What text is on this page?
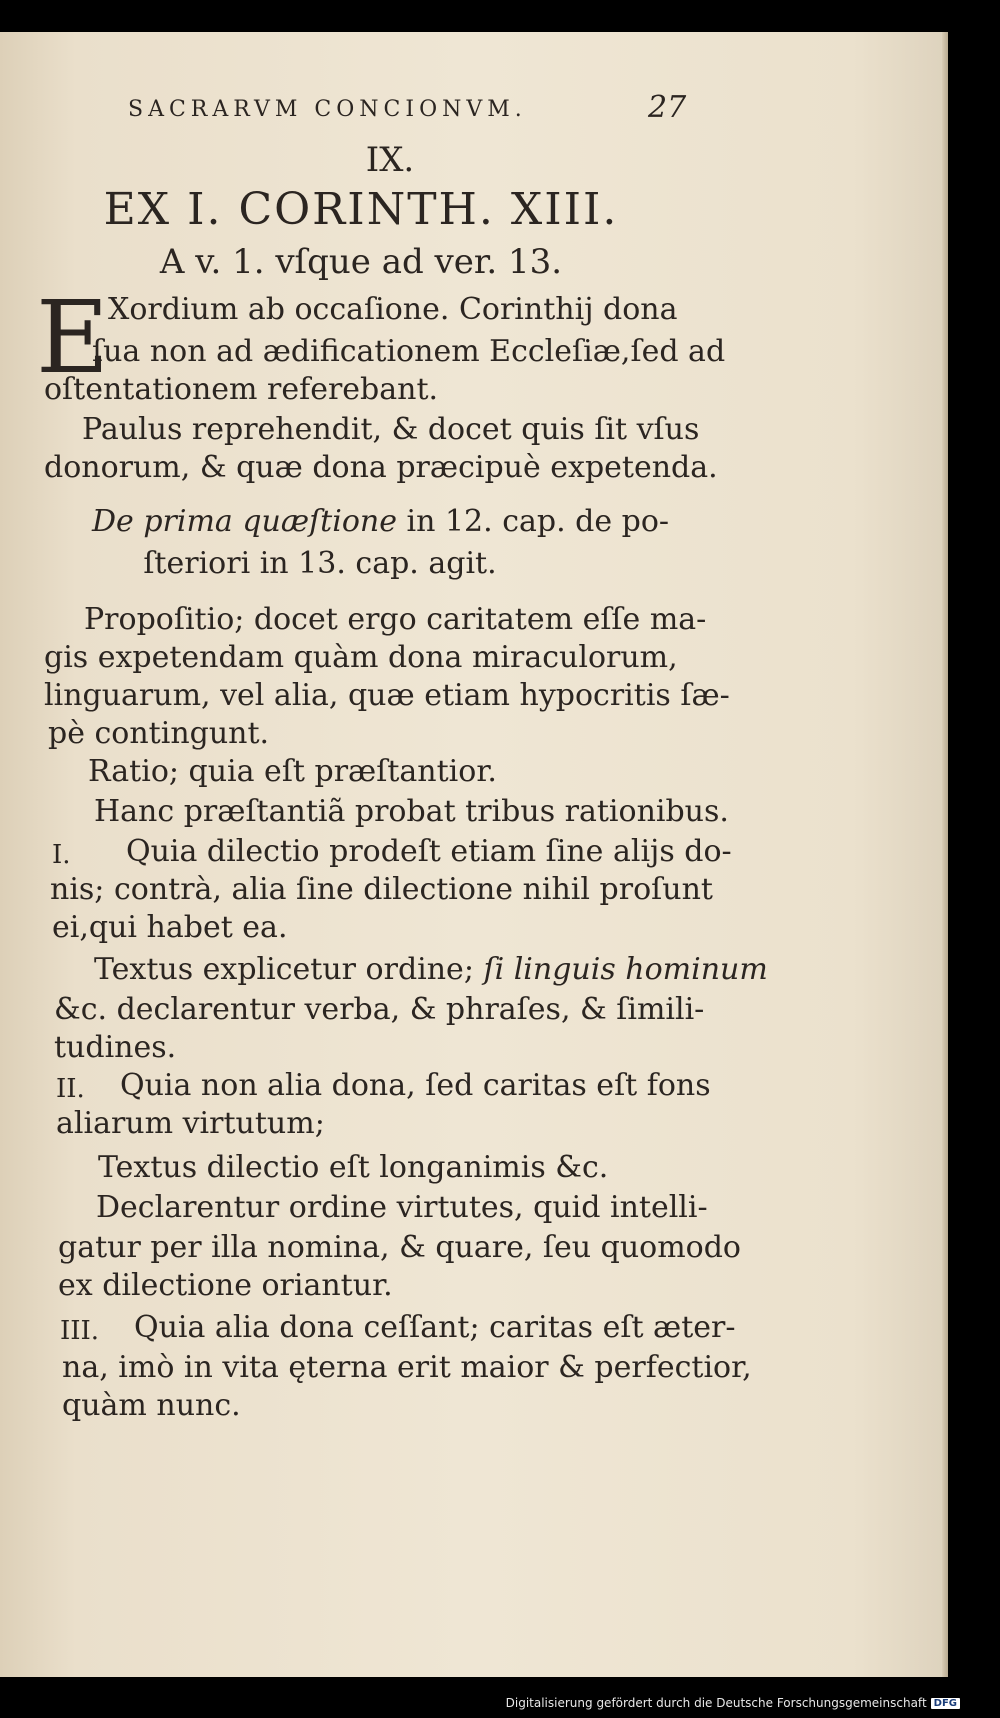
SACRARVM CONCIONVM.	27
IX.
EX I. CORINTH. XIII.
A v. 1. vſque ad ver. 13.
E Xordium ab occaſione. Corinthij dona
ſua non ad ædificationem Eccleſiæ,ſed ad
oſtentationem referebant.
Paulus reprehendit, & docet quis ſit vſus
donorum, & quæ dona præcipuè expetenda.
De prima quæſtione in 12. cap. de po-
ſteriori in 13. cap. agit.
Propoſitio; docet ergo caritatem eſſe ma-
gis expetendam quàm dona miraculorum,
linguarum, vel alia, quæ etiam hypocritis ſæ-
pè contingunt.
Ratio; quia eſt præſtantior.
Hanc præſtantiã probat tribus rationibus.
I. Quia dilectio prodeſt etiam ſine alijs do-
nis; contrà, alia ſine dilectione nihil proſunt
ei,qui habet ea.
Textus explicetur ordine; ſi linguis hominum
&c. declarentur verba, & phraſes, & ſimili-
tudines.
II. Quia non alia dona, ſed caritas eſt fons
aliarum virtutum;
Textus dilectio eſt longanimis &c.
Declarentur ordine virtutes, quid intelli-
gatur per illa nomina, & quare, ſeu quomodo
ex dilectione oriantur.
III. Quia alia dona ceſſant; caritas eſt æter-
na, imò in vita ęterna erit maior & perfectior,
quàm nunc.
Digitalisierung gefördert durch die Deutsche Forschungsgemeinschaft DFG
